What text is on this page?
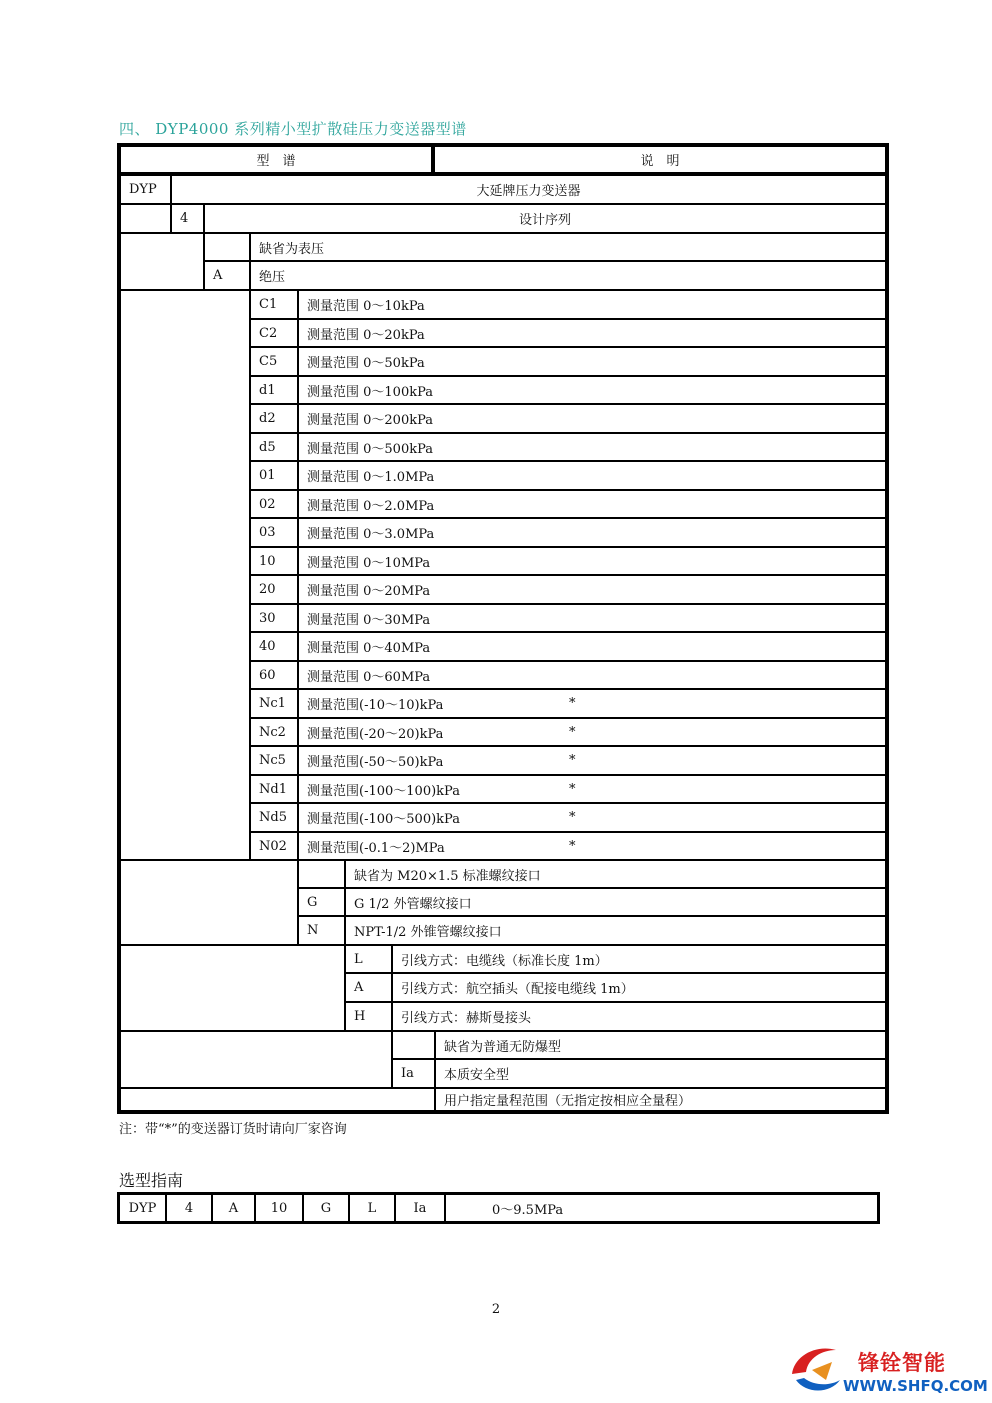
四、 DYP4000 系列精小型扩散硅压力变送器型谱
型　谱	说　明
DYP	大延牌压力变送器
4	设计序列
缺省为表压
A	绝压
C1	测量范围 0～10kPa
C2	测量范围 0～20kPa
C5	测量范围 0～50kPa
d1	测量范围 0～100kPa
d2	测量范围 0～200kPa
d5	测量范围 0～500kPa
01	测量范围 0～1.0MPa
02	测量范围 0～2.0MPa
03	测量范围 0～3.0MPa
10	测量范围 0～10MPa
20	测量范围 0～20MPa
30	测量范围 0～30MPa
40	测量范围 0～40MPa
60	测量范围 0～60MPa
Nc1	测量范围(-10～10)kPa	*
Nc2	测量范围(-20～20)kPa	*
Nc5	测量范围(-50～50)kPa	*
Nd1	测量范围(-100～100)kPa	*
Nd5	测量范围(-100～500)kPa	*
N02	测量范围(-0.1～2)MPa	*
缺省为 M20×1.5 标准螺纹接口
G	G 1/2 外管螺纹接口
N	NPT-1/2 外锥管螺纹接口
L	引线方式：电缆线（标准长度 1m）
A	引线方式：航空插头（配接电缆线 1m）
H	引线方式：赫斯曼接头
缺省为普通无防爆型
Ia	本质安全型
用户指定量程范围（无指定按相应全量程）
注：带“*”的变送器订货时请向厂家咨询
选型指南
DYP	4	A	10	G	L	Ia	0～9.5MPa
2
锋铨智能
WWW.SHFQ.COM
